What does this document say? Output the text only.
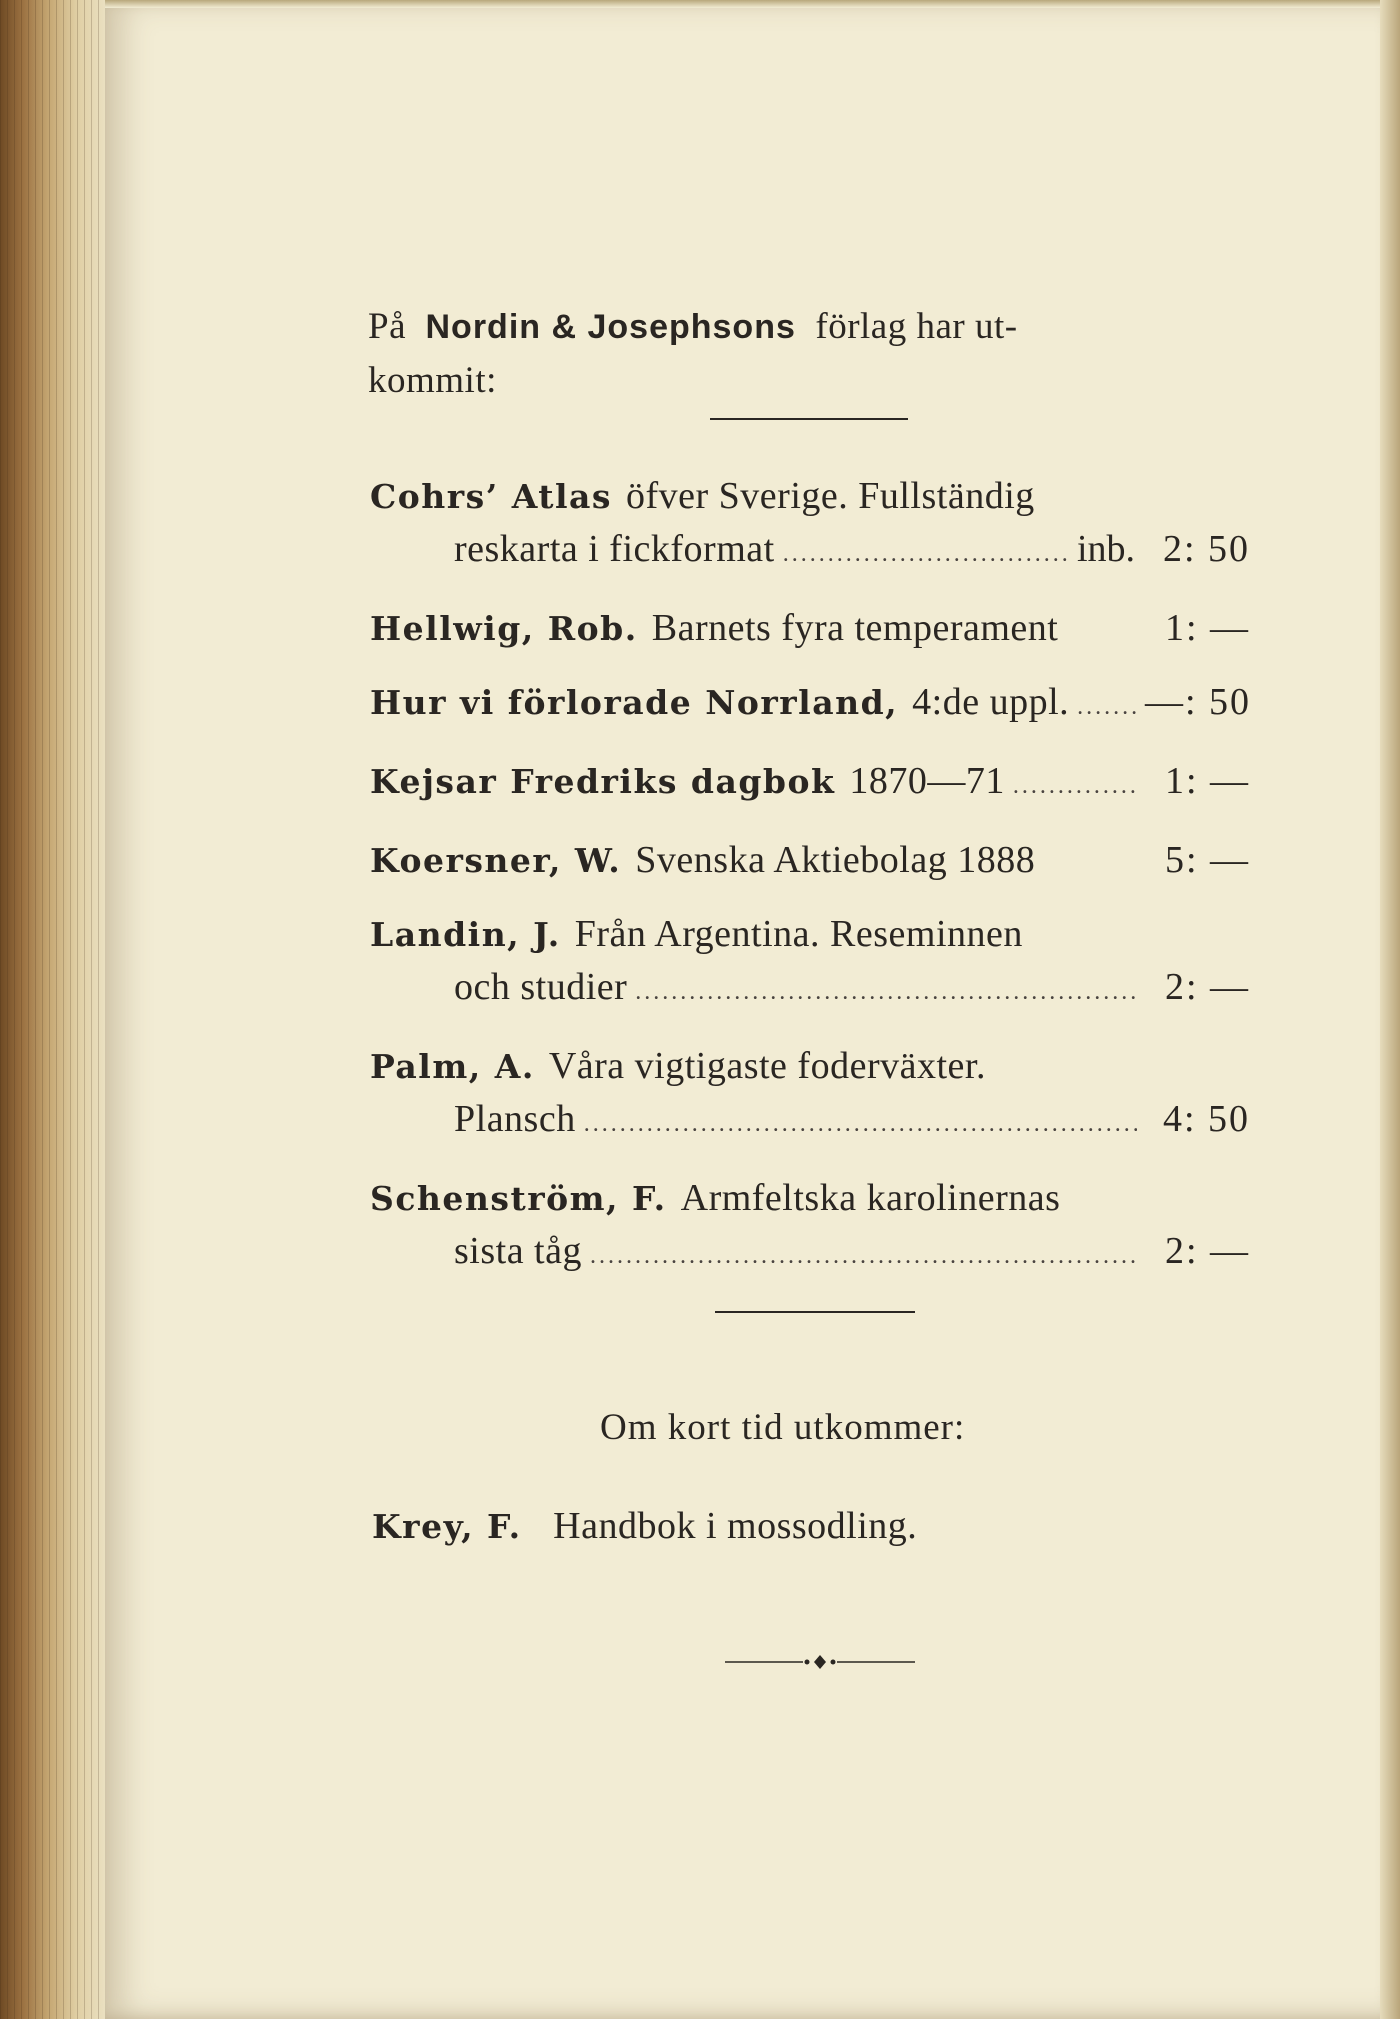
På Nordin & Josephsons förlag har ut-
kommit:
Cohrs’ Atlas öfver Sverige. Fullständig
reskarta i fickformat .....	inb. 2: 50
Hellwig, Rob. Barnets fyra temperament	1: —
Hur vi förlorade Norrland, 4:de uppl. ..... —: 50
Kejsar Fredriks dagbok 1870—71 .....	1: —
Koersner, W. Svenska Aktiebolag 1888	5: —
Landin, J. Från Argentina. Reseminnen
och studier .....	2: —
Palm, A. Våra vigtigaste foderväxter.
Plansch .....	4: 50
Schenström, F. Armfeltska karolinernas
sista tåg .....	2: —
Om kort tid utkommer:
Krey, F. Handbok i mossodling.
